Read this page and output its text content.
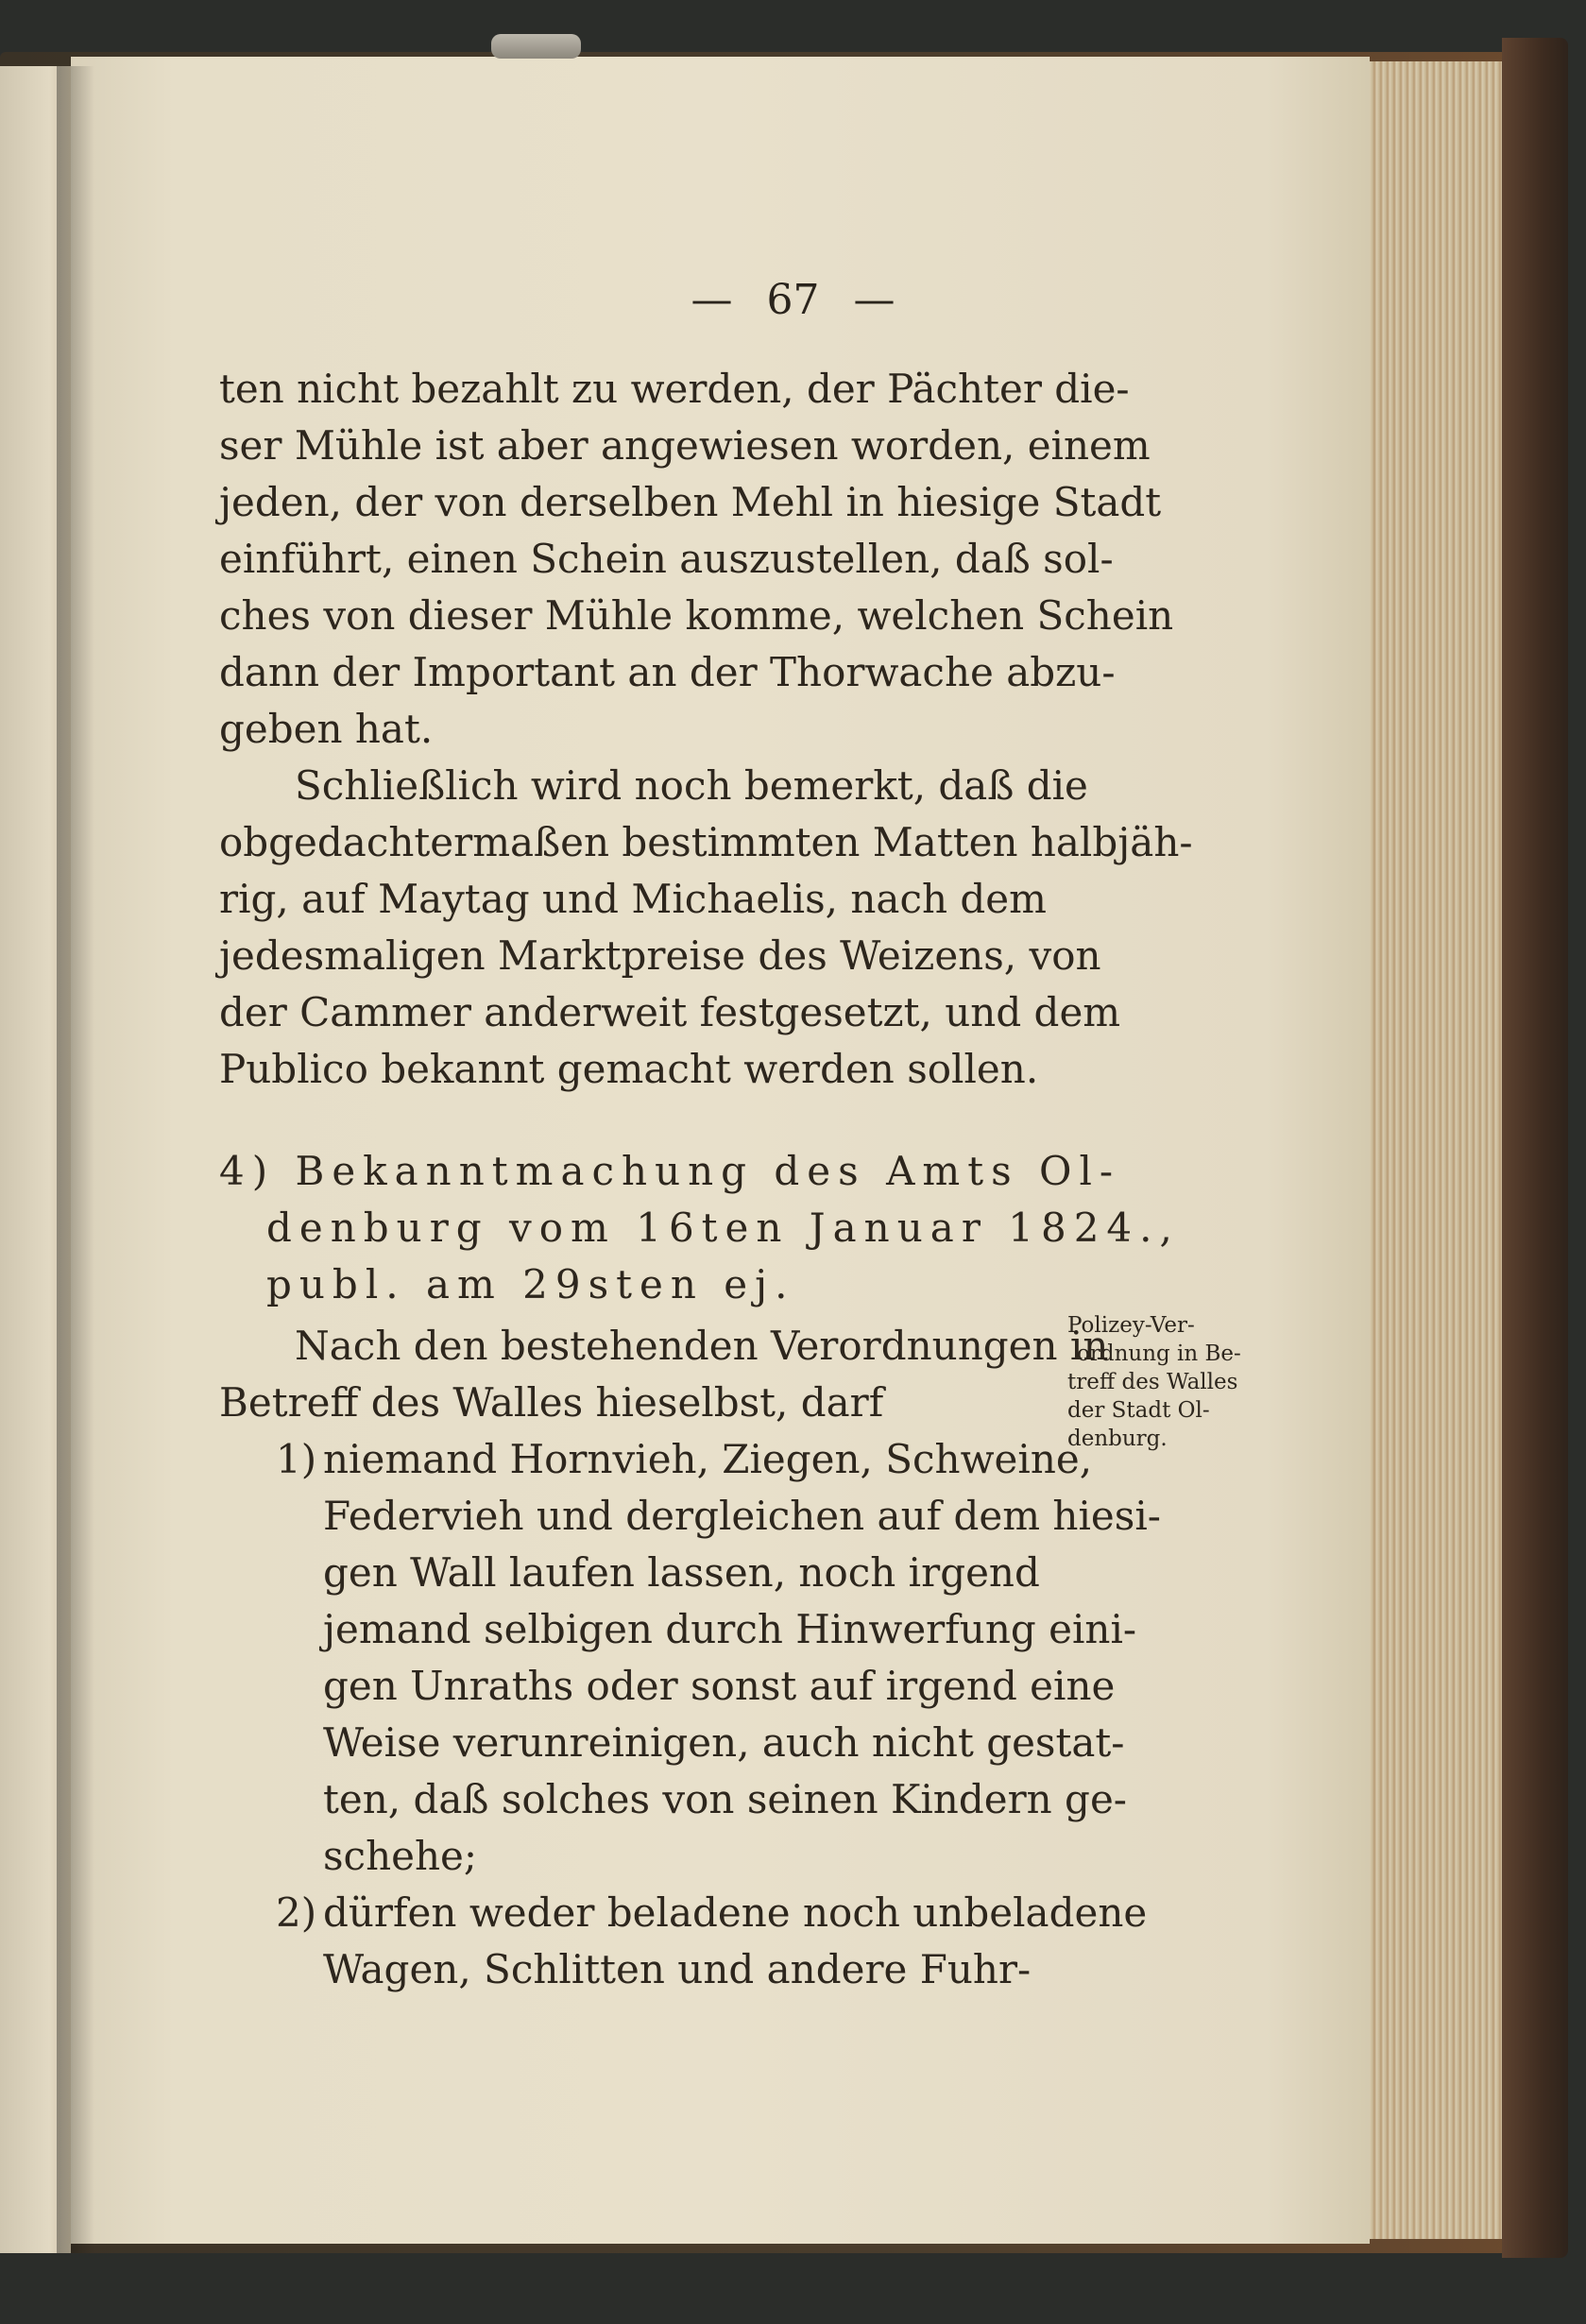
— 67 —
ten nicht bezahlt zu werden, der Pächter die-
ser Mühle ist aber angewiesen worden, einem
jeden, der von derselben Mehl in hiesige Stadt
einführt, einen Schein auszustellen, daß sol-
ches von dieser Mühle komme, welchen Schein
dann der Important an der Thorwache abzu-
geben hat.
Schließlich wird noch bemerkt, daß die
obgedachtermaßen bestimmten Matten halbjäh-
rig, auf Maytag und Michaelis, nach dem
jedesmaligen Marktpreise des Weizens, von
der Cammer anderweit festgesetzt, und dem
Publico bekannt gemacht werden sollen.
4) Bekanntmachung des Amts Ol-
denburg vom 16ten Januar 1824.,
publ. am 29sten ej.
Nach den bestehenden Verordnungen in
Betreff des Walles hieselbst, darf
Polizey-Ver-
ordnung in Be-
treff des Walles
der Stadt Ol-
denburg.
1) niemand Hornvieh, Ziegen, Schweine,
Federvieh und dergleichen auf dem hiesi-
gen Wall laufen lassen, noch irgend
jemand selbigen durch Hinwerfung eini-
gen Unraths oder sonst auf irgend eine
Weise verunreinigen, auch nicht gestat-
ten, daß solches von seinen Kindern ge-
schehe;
2) dürfen weder beladene noch unbeladene
Wagen, Schlitten und andere Fuhr-
